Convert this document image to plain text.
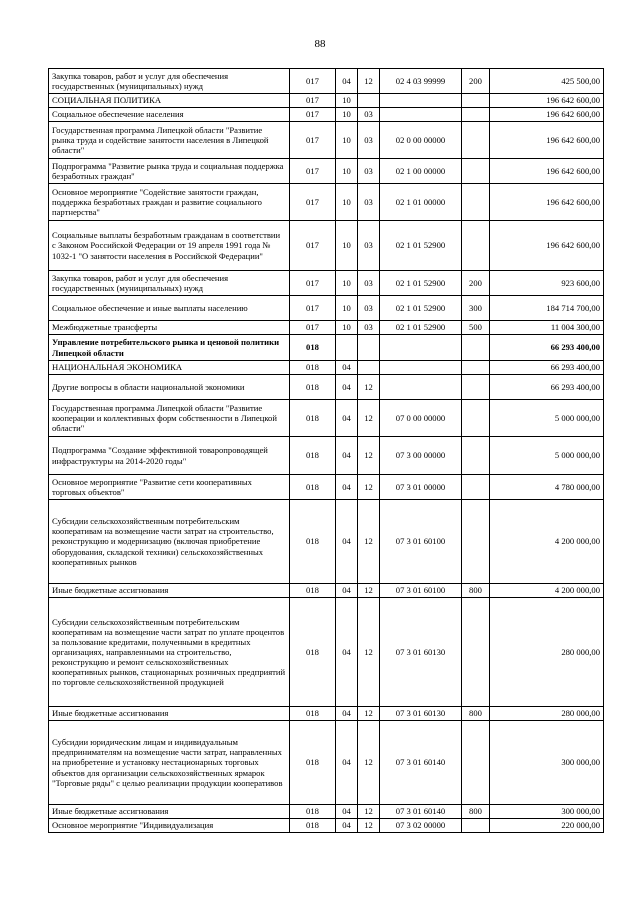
88
Закупка товаров, работ и услуг для обеспечения государственных (муниципальных) нужд	017	04	12	02 4 03 99999	200	425 500,00
СОЦИАЛЬНАЯ ПОЛИТИКА	017	10				196 642 600,00
Социальное обеспечение населения	017	10	03			196 642 600,00
Государственная программа Липецкой области "Развитие рынка труда и содействие занятости населения в Липецкой области"	017	10	03	02 0 00 00000		196 642 600,00
Подпрограмма "Развитие рынка труда и социальная поддержка безработных граждан"	017	10	03	02 1 00 00000		196 642 600,00
Основное мероприятие "Содействие занятости граждан, поддержка безработных граждан и развитие социального партнерства"	017	10	03	02 1 01 00000		196 642 600,00
Социальные выплаты безработным гражданам в соответствии с Законом Российской Федерации от 19 апреля 1991 года № 1032-1 "О занятости населения в Российской Федерации"	017	10	03	02 1 01 52900		196 642 600,00
Закупка товаров, работ и услуг для обеспечения государственных (муниципальных) нужд	017	10	03	02 1 01 52900	200	923 600,00
Социальное обеспечение и иные выплаты населению	017	10	03	02 1 01 52900	300	184 714 700,00
Межбюджетные трансферты	017	10	03	02 1 01 52900	500	11 004 300,00
Управление потребительского рынка и ценовой политики Липецкой области	018					66 293 400,00
НАЦИОНАЛЬНАЯ ЭКОНОМИКА	018	04				66 293 400,00
Другие вопросы в области национальной экономики	018	04	12			66 293 400,00
Государственная программа Липецкой области "Развитие кооперации и коллективных форм собственности в Липецкой области"	018	04	12	07 0 00 00000		5 000 000,00
Подпрограмма "Создание эффективной товаропроводящей инфраструктуры на 2014-2020 годы"	018	04	12	07 3 00 00000		5 000 000,00
Основное мероприятие "Развитие сети кооперативных торговых объектов"	018	04	12	07 3 01 00000		4 780 000,00
Субсидии сельскохозяйственным потребительским кооперативам на возмещение части затрат на строительство, реконструкцию и модернизацию (включая приобретение оборудования, складской техники) сельскохозяйственных кооперативных рынков	018	04	12	07 3 01 60100		4 200 000,00
Иные бюджетные ассигнования	018	04	12	07 3 01 60100	800	4 200 000,00
Субсидии сельскохозяйственным потребительским кооперативам на возмещение части затрат по уплате процентов за пользование кредитами, полученными в кредитных организациях, направленными на строительство, реконструкцию и ремонт сельскохозяйственных кооперативных рынков, стационарных розничных предприятий по торговле сельскохозяйственной продукцией	018	04	12	07 3 01 60130		280 000,00
Иные бюджетные ассигнования	018	04	12	07 3 01 60130	800	280 000,00
Субсидии юридическим лицам и индивидуальным предпринимателям на возмещение части затрат, направленных на приобретение и установку нестационарных торговых объектов для организации сельскохозяйственных ярмарок "Торговые ряды" с целью реализации продукции кооперативов	018	04	12	07 3 01 60140		300 000,00
Иные бюджетные ассигнования	018	04	12	07 3 01 60140	800	300 000,00
Основное мероприятие "Индивидуализация	018	04	12	07 3 02 00000		220 000,00
